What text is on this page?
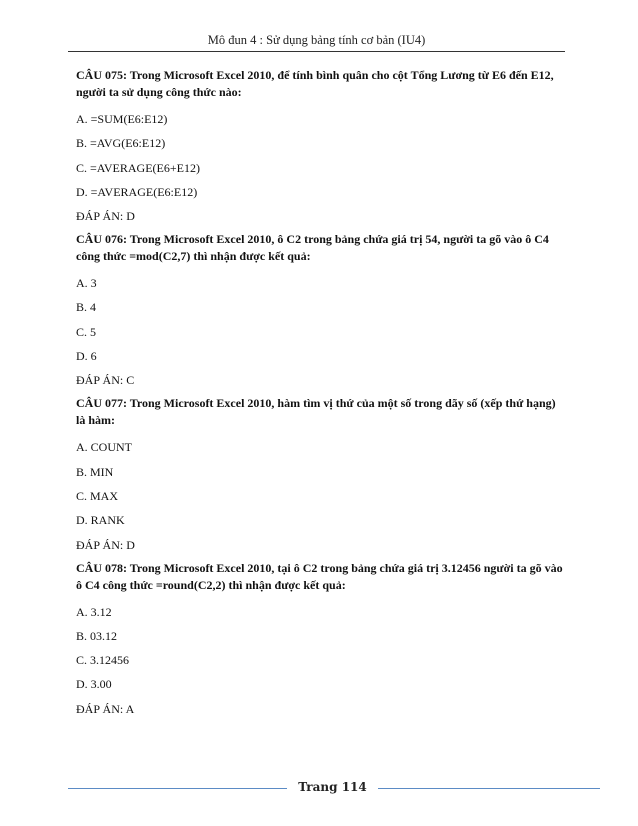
Mô đun 4 : Sử dụng bảng tính cơ bản (IU4)

CÂU 075: Trong Microsoft Excel 2010, để tính bình quân cho cột Tổng Lương từ E6 đến E12, người ta sử dụng công thức nào:

A. =SUM(E6:E12)

B. =AVG(E6:E12)

C. =AVERAGE(E6+E12)

D. =AVERAGE(E6:E12)

ĐÁP ÁN: D

CÂU 076: Trong Microsoft Excel 2010, ô C2 trong bảng chứa giá trị 54, người ta gõ vào ô C4 công thức =mod(C2,7) thì nhận được kết quả:

A. 3

B. 4

C. 5

D. 6

ĐÁP ÁN: C

CÂU 077: Trong Microsoft Excel 2010, hàm tìm vị thứ của một số trong dãy số (xếp thứ hạng) là hàm:

A. COUNT

B. MIN

C. MAX

D. RANK

ĐÁP ÁN: D

CÂU 078: Trong Microsoft Excel 2010, tại ô C2 trong bảng chứa giá trị 3.12456 người ta gõ vào ô C4 công thức =round(C2,2) thì nhận được kết quả:

A. 3.12

B. 03.12

C. 3.12456

D. 3.00

ĐÁP ÁN: A

Trang 114
